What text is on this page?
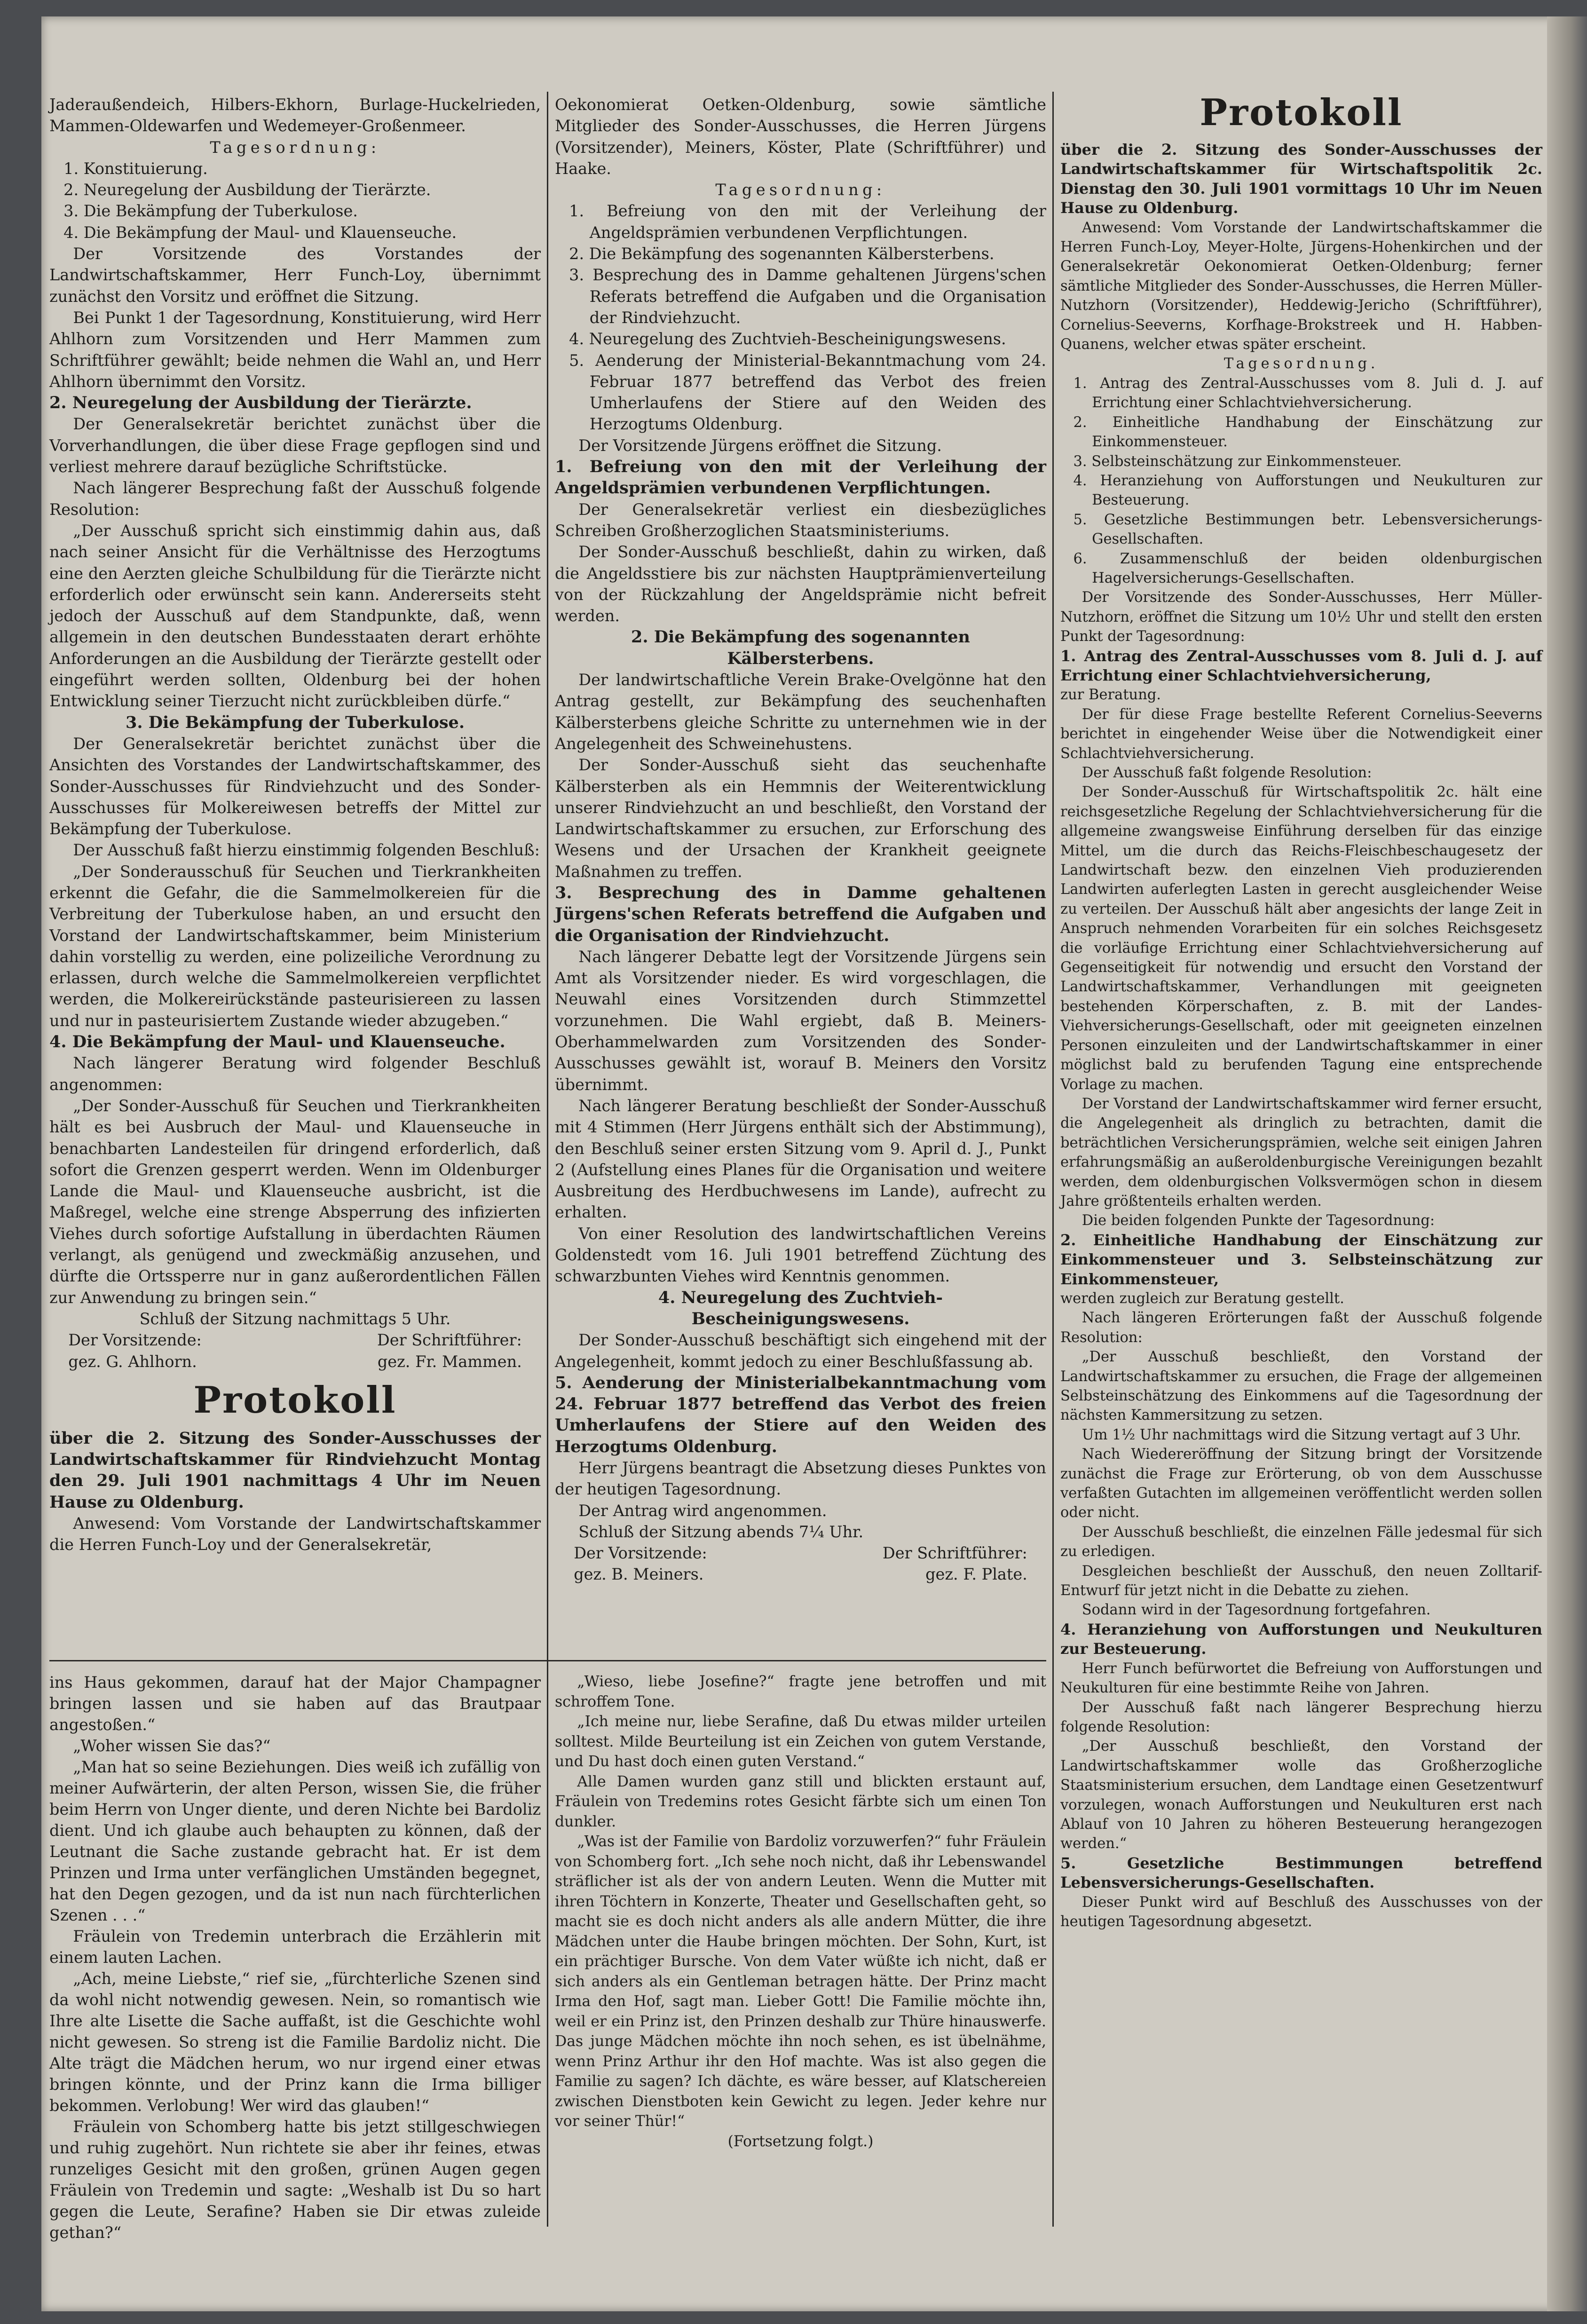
Jaderaußendeich, Hilbers-Ekhorn, Burlage-Huckelrieden, Mammen-Oldewarfen und Wedemeyer-Großenmeer.

Tagesordnung:

1. Konstituierung.

2. Neuregelung der Ausbildung der Tierärzte.

3. Die Bekämpfung der Tuberkulose.

4. Die Bekämpfung der Maul- und Klauenseuche.

Der Vorsitzende des Vorstandes der Landwirtschaftskammer, Herr Funch-Loy, übernimmt zunächst den Vorsitz und eröffnet die Sitzung.

Bei Punkt 1 der Tagesordnung, Konstituierung, wird Herr Ahlhorn zum Vorsitzenden und Herr Mammen zum Schriftführer gewählt; beide nehmen die Wahl an, und Herr Ahlhorn übernimmt den Vorsitz.

2. Neuregelung der Ausbildung der Tierärzte.

Der Generalsekretär berichtet zunächst über die Vorverhandlungen, die über diese Frage gepflogen sind und verliest mehrere darauf bezügliche Schriftstücke.

Nach längerer Besprechung faßt der Ausschuß folgende Resolution:

„Der Ausschuß spricht sich einstimmig dahin aus, daß nach seiner Ansicht für die Verhältnisse des Herzogtums eine den Aerzten gleiche Schulbildung für die Tierärzte nicht erforderlich oder erwünscht sein kann. Andererseits steht jedoch der Ausschuß auf dem Standpunkte, daß, wenn allgemein in den deutschen Bundesstaaten derart erhöhte Anforderungen an die Ausbildung der Tierärzte gestellt oder eingeführt werden sollten, Oldenburg bei der hohen Entwicklung seiner Tierzucht nicht zurückbleiben dürfe.“

3. Die Bekämpfung der Tuberkulose.

Der Generalsekretär berichtet zunächst über die Ansichten des Vorstandes der Landwirtschaftskammer, des Sonder-Ausschusses für Rindviehzucht und des Sonder-Ausschusses für Molkereiwesen betreffs der Mittel zur Bekämpfung der Tuberkulose.

Der Ausschuß faßt hierzu einstimmig folgenden Beschluß:

„Der Sonderausschuß für Seuchen und Tierkrankheiten erkennt die Gefahr, die die Sammelmolkereien für die Verbreitung der Tuberkulose haben, an und ersucht den Vorstand der Landwirtschaftskammer, beim Ministerium dahin vorstellig zu werden, eine polizeiliche Verordnung zu erlassen, durch welche die Sammelmolkereien verpflichtet werden, die Molkereirückstände pasteurisiereen zu lassen und nur in pasteurisiertem Zustande wieder abzugeben.“

4. Die Bekämpfung der Maul- und Klauenseuche.

Nach längerer Beratung wird folgender Beschluß angenommen:

„Der Sonder-Ausschuß für Seuchen und Tierkrankheiten hält es bei Ausbruch der Maul- und Klauenseuche in benachbarten Landesteilen für dringend erforderlich, daß sofort die Grenzen gesperrt werden. Wenn im Oldenburger Lande die Maul- und Klauenseuche ausbricht, ist die Maßregel, welche eine strenge Absperrung des infizierten Viehes durch sofortige Aufstallung in überdachten Räumen verlangt, als genügend und zweckmäßig anzusehen, und dürfte die Ortssperre nur in ganz außerordentlichen Fällen zur Anwendung zu bringen sein.“

Schluß der Sitzung nachmittags 5 Uhr.

Der Vorsitzende:	Der Schriftführer:
gez. G. Ahlhorn.	gez. Fr. Mammen.
Protokoll

über die 2. Sitzung des Sonder-Ausschusses der Landwirtschaftskammer für Rindviehzucht Montag den 29. Juli 1901 nachmittags 4 Uhr im Neuen Hause zu Oldenburg.

Anwesend: Vom Vorstande der Landwirtschaftskammer die Herren Funch-Loy und der Generalsekretär,

Oekonomierat Oetken-Oldenburg, sowie sämtliche Mitglieder des Sonder-Ausschusses, die Herren Jürgens (Vorsitzender), Meiners, Köster, Plate (Schriftführer) und Haake.

Tagesordnung:

1. Befreiung von den mit der Verleihung der Angeldsprämien verbundenen Verpflichtungen.

2. Die Bekämpfung des sogenannten Kälbersterbens.

3. Besprechung des in Damme gehaltenen Jürgens'schen Referats betreffend die Aufgaben und die Organisation der Rindviehzucht.

4. Neuregelung des Zuchtvieh-Bescheinigungswesens.

5. Aenderung der Ministerial-Bekanntmachung vom 24. Februar 1877 betreffend das Verbot des freien Umherlaufens der Stiere auf den Weiden des Herzogtums Oldenburg.

Der Vorsitzende Jürgens eröffnet die Sitzung.

1. Befreiung von den mit der Verleihung der Angeldsprämien verbundenen Verpflichtungen.

Der Generalsekretär verliest ein diesbezügliches Schreiben Großherzoglichen Staatsministeriums.

Der Sonder-Ausschuß beschließt, dahin zu wirken, daß die Angeldsstiere bis zur nächsten Hauptprämienverteilung von der Rückzahlung der Angeldsprämie nicht befreit werden.

2. Die Bekämpfung des sogenannten Kälbersterbens.

Der landwirtschaftliche Verein Brake-Ovelgönne hat den Antrag gestellt, zur Bekämpfung des seuchenhaften Kälbersterbens gleiche Schritte zu unternehmen wie in der Angelegenheit des Schweinehustens.

Der Sonder-Ausschuß sieht das seuchenhafte Kälbersterben als ein Hemmnis der Weiterentwicklung unserer Rindviehzucht an und beschließt, den Vorstand der Landwirtschaftskammer zu ersuchen, zur Erforschung des Wesens und der Ursachen der Krankheit geeignete Maßnahmen zu treffen.

3. Besprechung des in Damme gehaltenen Jürgens'schen Referats betreffend die Aufgaben und die Organisation der Rindviehzucht.

Nach längerer Debatte legt der Vorsitzende Jürgens sein Amt als Vorsitzender nieder. Es wird vorgeschlagen, die Neuwahl eines Vorsitzenden durch Stimmzettel vorzunehmen. Die Wahl ergiebt, daß B. Meiners-Oberhammelwarden zum Vorsitzenden des Sonder-Ausschusses gewählt ist, worauf B. Meiners den Vorsitz übernimmt.

Nach längerer Beratung beschließt der Sonder-Ausschuß mit 4 Stimmen (Herr Jürgens enthält sich der Abstimmung), den Beschluß seiner ersten Sitzung vom 9. April d. J., Punkt 2 (Aufstellung eines Planes für die Organisation und weitere Ausbreitung des Herdbuchwesens im Lande), aufrecht zu erhalten.

Von einer Resolution des landwirtschaftlichen Vereins Goldenstedt vom 16. Juli 1901 betreffend Züchtung des schwarzbunten Viehes wird Kenntnis genommen.

4. Neuregelung des Zuchtvieh-Bescheinigungswesens.

Der Sonder-Ausschuß beschäftigt sich eingehend mit der Angelegenheit, kommt jedoch zu einer Beschlußfassung ab.

5. Aenderung der Ministerialbekanntmachung vom 24. Februar 1877 betreffend das Verbot des freien Umherlaufens der Stiere auf den Weiden des Herzogtums Oldenburg.

Herr Jürgens beantragt die Absetzung dieses Punktes von der heutigen Tagesordnung.

Der Antrag wird angenommen.

Schluß der Sitzung abends 7¼ Uhr.

Der Vorsitzende:	Der Schriftführer:
gez. B. Meiners.	gez. F. Plate.
Protokoll

über die 2. Sitzung des Sonder-Ausschusses der Landwirtschaftskammer für Wirtschaftspolitik 2c. Dienstag den 30. Juli 1901 vormittags 10 Uhr im Neuen Hause zu Oldenburg.

Anwesend: Vom Vorstande der Landwirtschaftskammer die Herren Funch-Loy, Meyer-Holte, Jürgens-Hohenkirchen und der Generalsekretär Oekonomierat Oetken-Oldenburg; ferner sämtliche Mitglieder des Sonder-Ausschusses, die Herren Müller-Nutzhorn (Vorsitzender), Heddewig-Jericho (Schriftführer), Cornelius-Seeverns, Korfhage-Brokstreek und H. Habben-Quanens, welcher etwas später erscheint.

Tagesordnung.

1. Antrag des Zentral-Ausschusses vom 8. Juli d. J. auf Errichtung einer Schlachtviehversicherung.

2. Einheitliche Handhabung der Einschätzung zur Einkommensteuer.

3. Selbsteinschätzung zur Einkommensteuer.

4. Heranziehung von Aufforstungen und Neukulturen zur Besteuerung.

5. Gesetzliche Bestimmungen betr. Lebensversicherungs-Gesellschaften.

6. Zusammenschluß der beiden oldenburgischen Hagelversicherungs-Gesellschaften.

Der Vorsitzende des Sonder-Ausschusses, Herr Müller-Nutzhorn, eröffnet die Sitzung um 10½ Uhr und stellt den ersten Punkt der Tagesordnung:

1. Antrag des Zentral-Ausschusses vom 8. Juli d. J. auf Errichtung einer Schlachtviehversicherung,

zur Beratung.

Der für diese Frage bestellte Referent Cornelius-Seeverns berichtet in eingehender Weise über die Notwendigkeit einer Schlachtviehversicherung.

Der Ausschuß faßt folgende Resolution:

Der Sonder-Ausschuß für Wirtschaftspolitik 2c. hält eine reichsgesetzliche Regelung der Schlachtviehversicherung für die allgemeine zwangsweise Einführung derselben für das einzige Mittel, um die durch das Reichs-Fleischbeschaugesetz der Landwirtschaft bezw. den einzelnen Vieh produzierenden Landwirten auferlegten Lasten in gerecht ausgleichender Weise zu verteilen. Der Ausschuß hält aber angesichts der lange Zeit in Anspruch nehmenden Vorarbeiten für ein solches Reichsgesetz die vorläufige Errichtung einer Schlachtviehversicherung auf Gegenseitigkeit für notwendig und ersucht den Vorstand der Landwirtschaftskammer, Verhandlungen mit geeigneten bestehenden Körperschaften, z. B. mit der Landes-Viehversicherungs-Gesellschaft, oder mit geeigneten einzelnen Personen einzuleiten und der Landwirtschaftskammer in einer möglichst bald zu berufenden Tagung eine entsprechende Vorlage zu machen.

Der Vorstand der Landwirtschaftskammer wird ferner ersucht, die Angelegenheit als dringlich zu betrachten, damit die beträchtlichen Versicherungsprämien, welche seit einigen Jahren erfahrungsmäßig an außeroldenburgische Vereinigungen bezahlt werden, dem oldenburgischen Volksvermögen schon in diesem Jahre größtenteils erhalten werden.

Die beiden folgenden Punkte der Tagesordnung:

2. Einheitliche Handhabung der Einschätzung zur Einkommensteuer und 3. Selbsteinschätzung zur Einkommensteuer,

werden zugleich zur Beratung gestellt.

Nach längeren Erörterungen faßt der Ausschuß folgende Resolution:

„Der Ausschuß beschließt, den Vorstand der Landwirtschaftskammer zu ersuchen, die Frage der allgemeinen Selbsteinschätzung des Einkommens auf die Tagesordnung der nächsten Kammersitzung zu setzen.

Um 1½ Uhr nachmittags wird die Sitzung vertagt auf 3 Uhr.

Nach Wiedereröffnung der Sitzung bringt der Vorsitzende zunächst die Frage zur Erörterung, ob von dem Ausschusse verfaßten Gutachten im allgemeinen veröffentlicht werden sollen oder nicht.

Der Ausschuß beschließt, die einzelnen Fälle jedesmal für sich zu erledigen.

Desgleichen beschließt der Ausschuß, den neuen Zolltarif-Entwurf für jetzt nicht in die Debatte zu ziehen.

Sodann wird in der Tagesordnung fortgefahren.

4. Heranziehung von Aufforstungen und Neukulturen zur Besteuerung.

Herr Funch befürwortet die Befreiung von Aufforstungen und Neukulturen für eine bestimmte Reihe von Jahren.

Der Ausschuß faßt nach längerer Besprechung hierzu folgende Resolution:

„Der Ausschuß beschließt, den Vorstand der Landwirtschaftskammer wolle das Großherzogliche Staatsministerium ersuchen, dem Landtage einen Gesetzentwurf vorzulegen, wonach Aufforstungen und Neukulturen erst nach Ablauf von 10 Jahren zu höheren Besteuerung herangezogen werden.“

5. Gesetzliche Bestimmungen betreffend Lebensversicherungs-Gesellschaften.

Dieser Punkt wird auf Beschluß des Ausschusses von der heutigen Tagesordnung abgesetzt.

ins Haus gekommen, darauf hat der Major Champagner bringen lassen und sie haben auf das Brautpaar angestoßen.“

„Woher wissen Sie das?“

„Man hat so seine Beziehungen. Dies weiß ich zufällig von meiner Aufwärterin, der alten Person, wissen Sie, die früher beim Herrn von Unger diente, und deren Nichte bei Bardoliz dient. Und ich glaube auch behaupten zu können, daß der Leutnant die Sache zustande gebracht hat. Er ist dem Prinzen und Irma unter verfänglichen Umständen begegnet, hat den Degen gezogen, und da ist nun nach fürchterlichen Szenen . . .“

Fräulein von Tredemin unterbrach die Erzählerin mit einem lauten Lachen.

„Ach, meine Liebste,“ rief sie, „fürchterliche Szenen sind da wohl nicht notwendig gewesen. Nein, so romantisch wie Ihre alte Lisette die Sache auffaßt, ist die Geschichte wohl nicht gewesen. So streng ist die Familie Bardoliz nicht. Die Alte trägt die Mädchen herum, wo nur irgend einer etwas bringen könnte, und der Prinz kann die Irma billiger bekommen. Verlobung! Wer wird das glauben!“

Fräulein von Schomberg hatte bis jetzt stillgeschwiegen und ruhig zugehört. Nun richtete sie aber ihr feines, etwas runzeliges Gesicht mit den großen, grünen Augen gegen Fräulein von Tredemin und sagte: „Weshalb ist Du so hart gegen die Leute, Serafine? Haben sie Dir etwas zuleide gethan?“

„Wieso, liebe Josefine?“ fragte jene betroffen und mit schroffem Tone.

„Ich meine nur, liebe Serafine, daß Du etwas milder urteilen solltest. Milde Beurteilung ist ein Zeichen von gutem Verstande, und Du hast doch einen guten Verstand.“

Alle Damen wurden ganz still und blickten erstaunt auf, Fräulein von Tredemins rotes Gesicht färbte sich um einen Ton dunkler.

„Was ist der Familie von Bardoliz vorzuwerfen?“ fuhr Fräulein von Schomberg fort. „Ich sehe noch nicht, daß ihr Lebenswandel sträflicher ist als der von andern Leuten. Wenn die Mutter mit ihren Töchtern in Konzerte, Theater und Gesellschaften geht, so macht sie es doch nicht anders als alle andern Mütter, die ihre Mädchen unter die Haube bringen möchten. Der Sohn, Kurt, ist ein prächtiger Bursche. Von dem Vater wüßte ich nicht, daß er sich anders als ein Gentleman betragen hätte. Der Prinz macht Irma den Hof, sagt man. Lieber Gott! Die Familie möchte ihn, weil er ein Prinz ist, den Prinzen deshalb zur Thüre hinauswerfe. Das junge Mädchen möchte ihn noch sehen, es ist übelnähme, wenn Prinz Arthur ihr den Hof machte. Was ist also gegen die Familie zu sagen? Ich dächte, es wäre besser, auf Klatschereien zwischen Dienstboten kein Gewicht zu legen. Jeder kehre nur vor seiner Thür!“

(Fortsetzung folgt.)
